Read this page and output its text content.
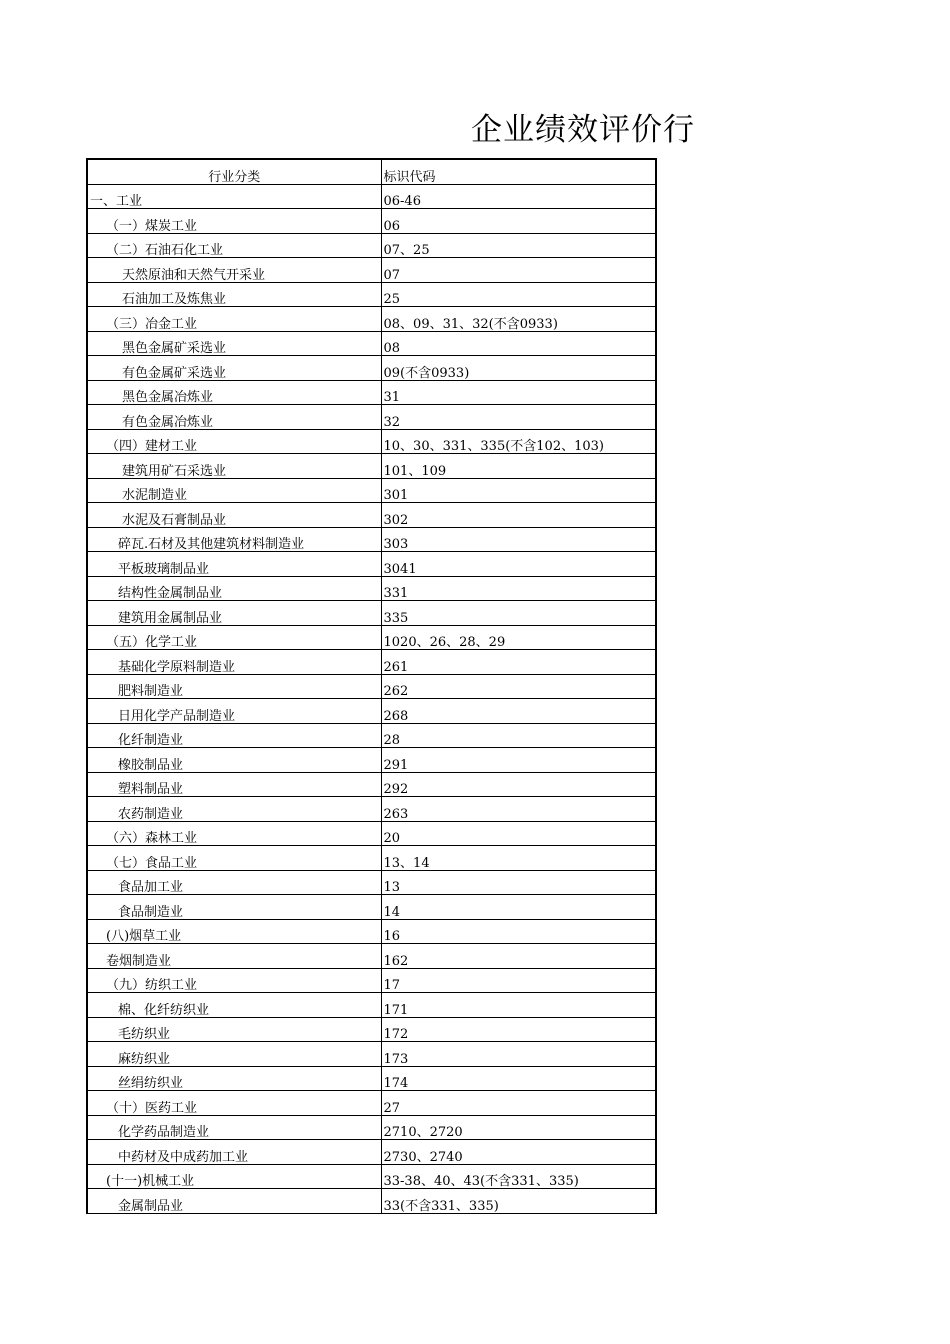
企业绩效评价行
行业分类	标识代码
一、工业	06-46
（一）煤炭工业	06
（二）石油石化工业	07、25
天然原油和天然气开采业	07
石油加工及炼焦业	25
（三）冶金工业	08、09、31、32(不含0933)
黑色金属矿采选业	08
有色金属矿采选业	09(不含0933)
黑色金属冶炼业	31
有色金属冶炼业	32
（四）建材工业	10、30、331、335(不含102、103)
建筑用矿石采选业	101、109
水泥制造业	301
水泥及石膏制品业	302
碎瓦.石材及其他建筑材料制造业	303
平板玻璃制品业	3041
结构性金属制品业	331
建筑用金属制品业	335
（五）化学工业	1020、26、28、29
基础化学原料制造业	261
肥料制造业	262
日用化学产品制造业	268
化纤制造业	28
橡胶制品业	291
塑料制品业	292
农药制造业	263
（六）森林工业	20
（七）食品工业	13、14
食品加工业	13
食品制造业	14
(八)烟草工业	16
卷烟制造业	162
（九）纺织工业	17
棉、化纤纺织业	171
毛纺织业	172
麻纺织业	173
丝绢纺织业	174
（十）医药工业	27
化学药品制造业	2710、2720
中药材及中成药加工业	2730、2740
(十一)机械工业	33-38、40、43(不含331、335)
金属制品业	33(不含331、335)
